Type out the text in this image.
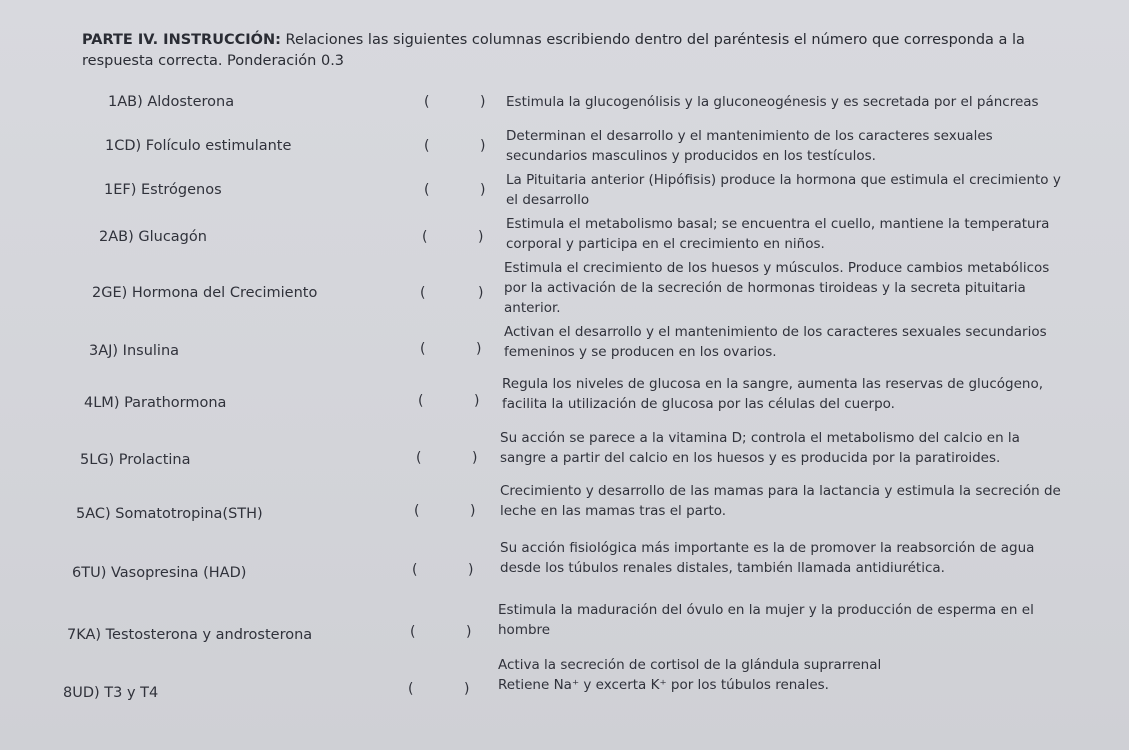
PARTE IV. INSTRUCCIÓN: Relaciones las siguientes columnas escribiendo dentro del paréntesis el número que corresponda a la respuesta correcta. Ponderación 0.3
1AB) Aldosterona	(	) Estimula la glucogenólisis y la gluconeogénesis y es secretada por el páncreas
1CD) Folículo estimulante	(	)
Determinan el desarrollo y el mantenimiento de los caracteres sexuales
secundarios masculinos y producidos en los testículos.
1EF) Estrógenos	(	)
La Pituitaria anterior (Hipófisis) produce la hormona que estimula el crecimiento y
el desarrollo
2AB) Glucagón	(	)
Estimula el metabolismo basal; se encuentra el cuello, mantiene la temperatura
corporal y participa en el crecimiento en niños.
2GE) Hormona del Crecimiento	(	)
Estimula el crecimiento de los huesos y músculos. Produce cambios metabólicos
por la activación de la secreción de hormonas tiroideas y la secreta pituitaria
anterior.
3AJ) Insulina	(	)
Activan el desarrollo y el mantenimiento de los caracteres sexuales secundarios
femeninos y se producen en los ovarios.
4LM) Parathormona	(	)
Regula los niveles de glucosa en la sangre, aumenta las reservas de glucógeno,
facilita la utilización de glucosa por las células del cuerpo.
5LG) Prolactina	(	)
Su acción se parece a la vitamina D; controla el metabolismo del calcio en la
sangre a partir del calcio en los huesos y es producida por la paratiroides.
5AC) Somatotropina(STH)	(	)
Crecimiento y desarrollo de las mamas para la lactancia y estimula la secreción de
leche en las mamas tras el parto.
6TU) Vasopresina (HAD)	(	)
Su acción fisiológica más importante es la de promover la reabsorción de agua
desde los túbulos renales distales, también llamada antidiurética.
7KA) Testosterona y androsterona	(	)
Estimula la maduración del óvulo en la mujer y la producción de esperma en el
hombre
8UD) T3 y T4	(	)
Activa la secreción de cortisol de la glándula suprarrenal
Retiene Na⁺ y excerta K⁺ por los túbulos renales.
